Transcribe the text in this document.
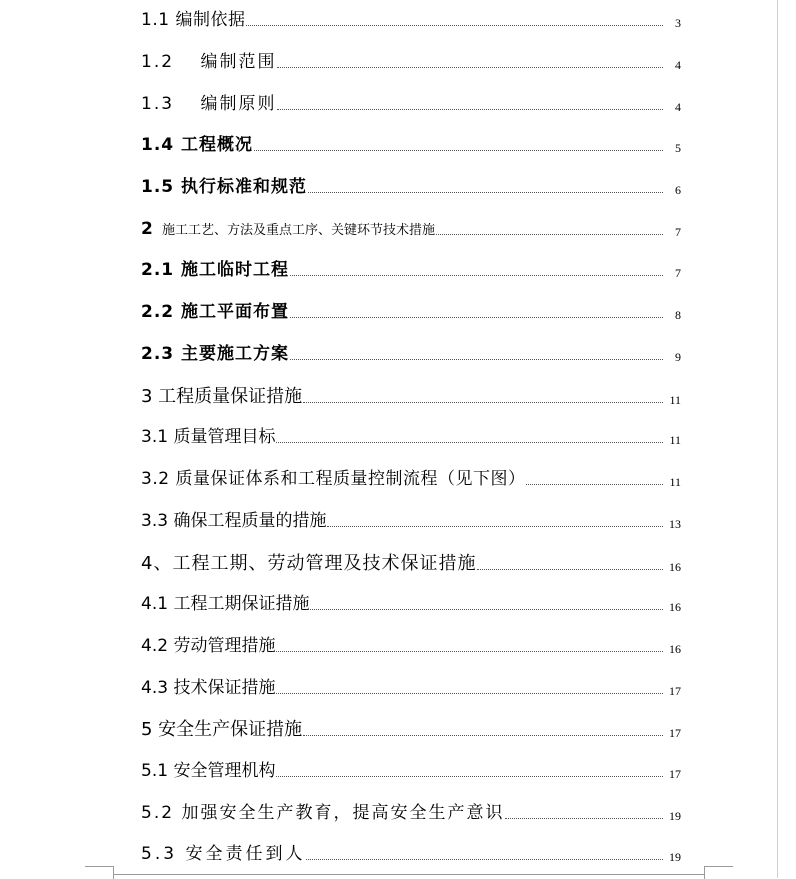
1.1 编制依据	3
1.2　 编制范围	4
1.3　 编制原则	4
1.4 工程概况	5
1.5 执行标准和规范	6
2 施工工艺、方法及重点工序、关键环节技术措施	7
2.1 施工临时工程	7
2.2 施工平面布置	8
2.3 主要施工方案	9
3 工程质量保证措施	11
3.1 质量管理目标	11
3.2 质量保证体系和工程质量控制流程（见下图）	11
3.3 确保工程质量的措施	13
4、工程工期、劳动管理及技术保证措施	16
4.1 工程工期保证措施	16
4.2 劳动管理措施	16
4.3 技术保证措施	17
5 安全生产保证措施	17
5.1 安全管理机构	17
5.2 加强安全生产教育，提高安全生产意识	19
5.3 安全责任到人	19
